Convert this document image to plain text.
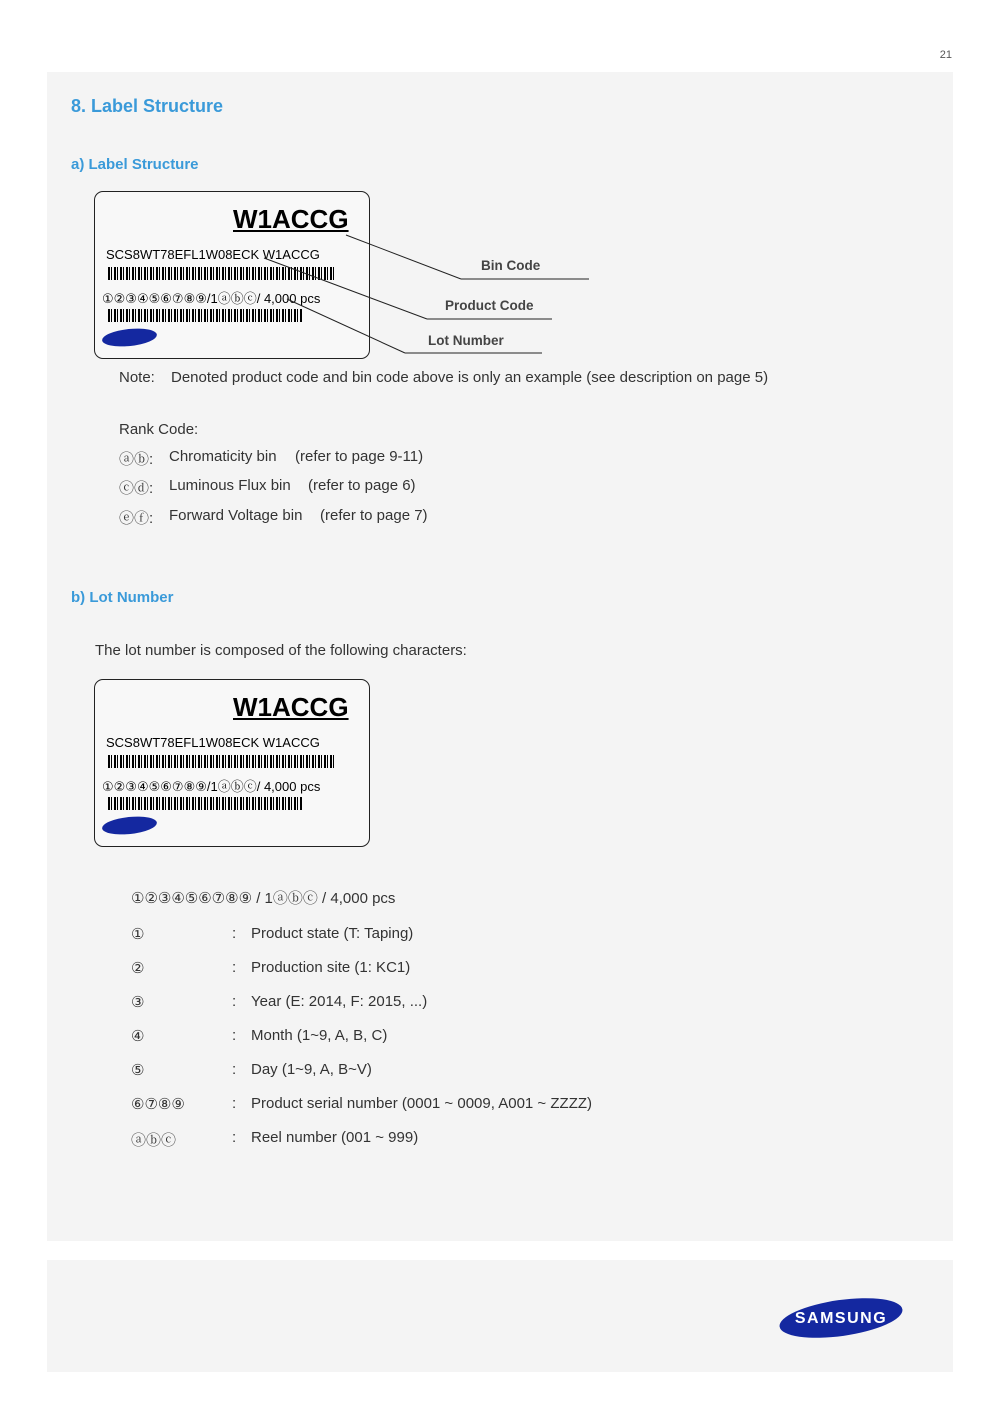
21
8. Label Structure
a) Label Structure
W1ACCG
SCS8WT78EFL1W08ECK W1ACCG
①②③④⑤⑥⑦⑧⑨/1ⓐⓑⓒ/ 4,000 pcs
Bin Code
Product Code
Lot Number
Note: Denoted product code and bin code above is only an example (see description on page 5)
Rank Code:
ⓐⓑ: Chromaticity bin (refer to page 9-11)
ⓒⓓ: Luminous Flux bin (refer to page 6)
ⓔⓕ: Forward Voltage bin (refer to page 7)
b) Lot Number
The lot number is composed of the following characters:
W1ACCG
SCS8WT78EFL1W08ECK W1ACCG
①②③④⑤⑥⑦⑧⑨/1ⓐⓑⓒ/ 4,000 pcs
①②③④⑤⑥⑦⑧⑨ / 1ⓐⓑⓒ / 4,000 pcs
①	: Product state (T: Taping)
②	: Production site (1: KC1)
③	: Year (E: 2014, F: 2015, ...)
④	: Month (1~9, A, B, C)
⑤	: Day (1~9, A, B~V)
⑥⑦⑧⑨	: Product serial number (0001 ~ 0009, A001 ~ ZZZZ)
ⓐⓑⓒ	: Reel number (001 ~ 999)
SAMSUNG
